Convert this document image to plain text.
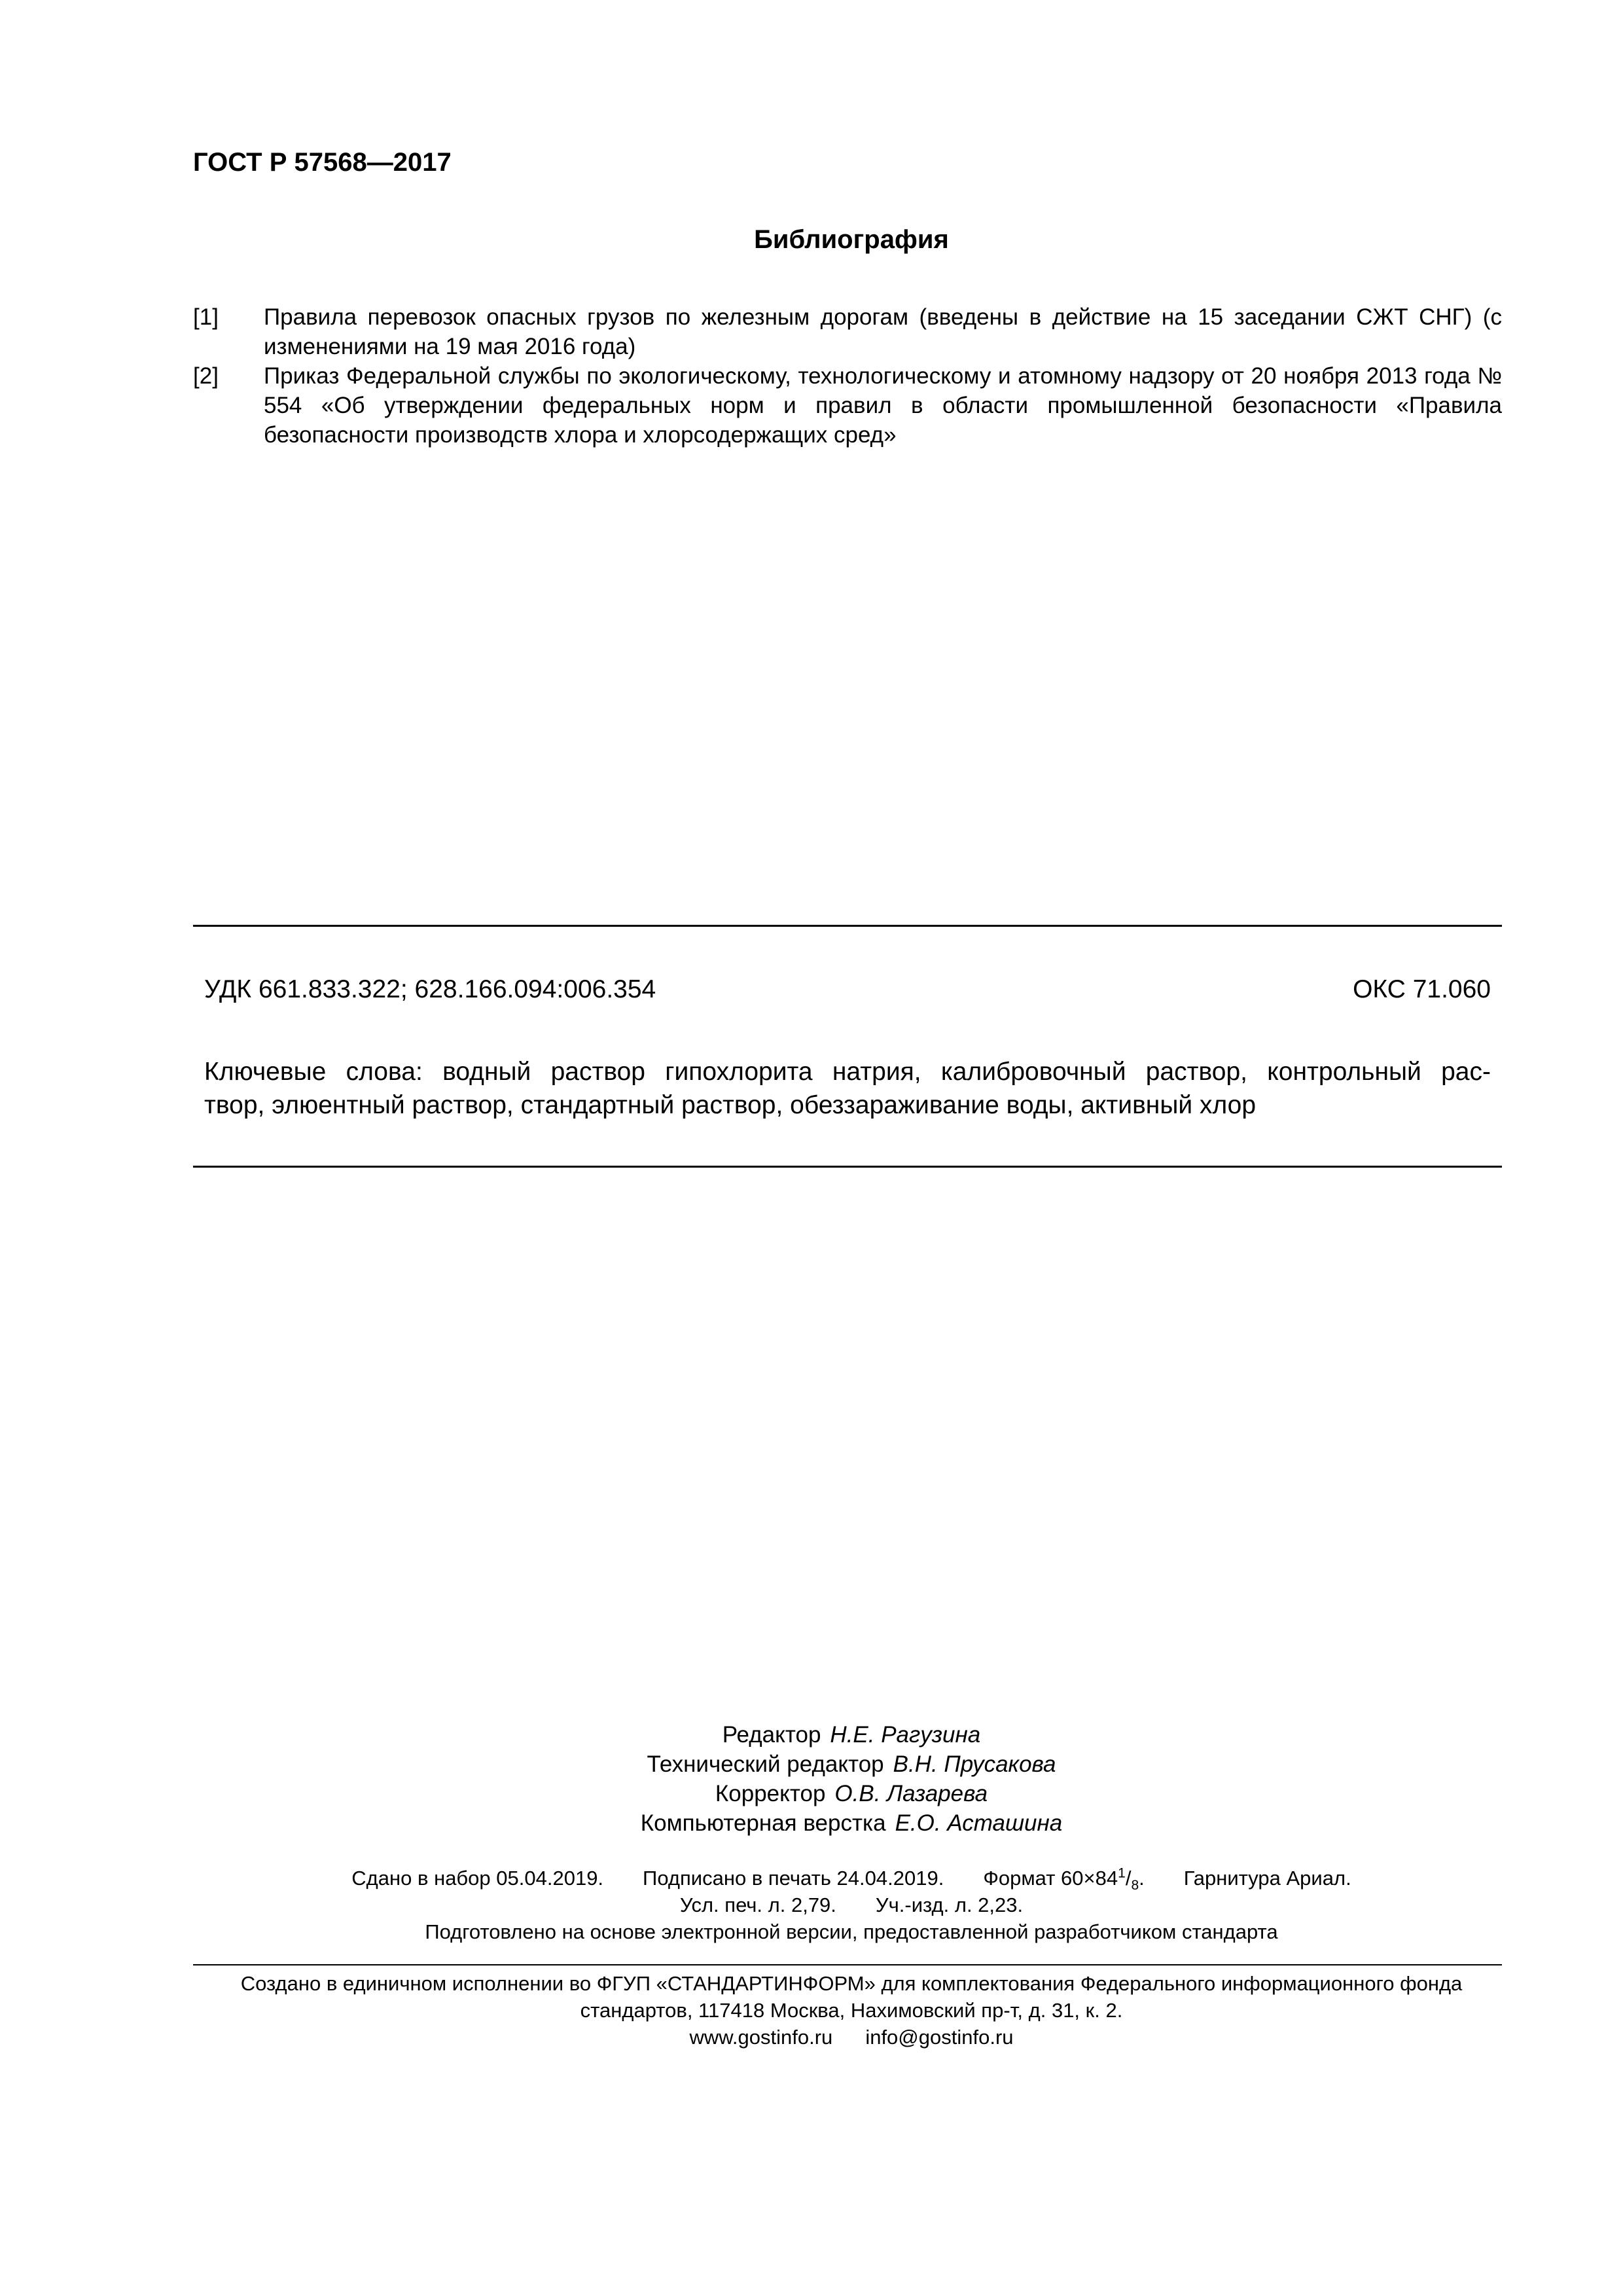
ГОСТ Р 57568—2017
Библиография
[1]	Правила перевозок опасных грузов по железным дорогам (введены в действие на 15 заседании СЖТ СНГ) (с изменениями на 19 мая 2016 года)
[2]	Приказ Федеральной службы по экологическому, технологическому и атомному надзору от 20 ноября 2013 года № 554 «Об утверждении федеральных норм и правил в области промышленной безопасности «Правила безопасности производств хлора и хлорсодержащих сред»
УДК 661.833.322; 628.166.094:006.354	ОКС 71.060
Ключевые слова: водный раствор гипохлорита натрия, калибровочный раствор, контрольный рас-
твор, элюентный раствор, стандартный раствор, обеззараживание воды, активный хлор
Редактор Н.Е. Рагузина
Технический редактор В.Н. Прусакова
Корректор О.В. Лазарева
Компьютерная верстка Е.О. Асташина
Сдано в набор 05.04.2019. Подписано в печать 24.04.2019. Формат $60\times 84^1/_8$. Гарнитура Ариал.
Усл. печ. л. 2,79. Уч.-изд. л. 2,23.
Подготовлено на основе электронной версии, предоставленной разработчиком стандарта
Создано в единичном исполнении во ФГУП «СТАНДАРТИНФОРМ» для комплектования Федерального информационного фонда
стандартов, 117418 Москва, Нахимовский пр-т, д. 31, к. 2.
www.gostinfo.ru info@gostinfo.ru
